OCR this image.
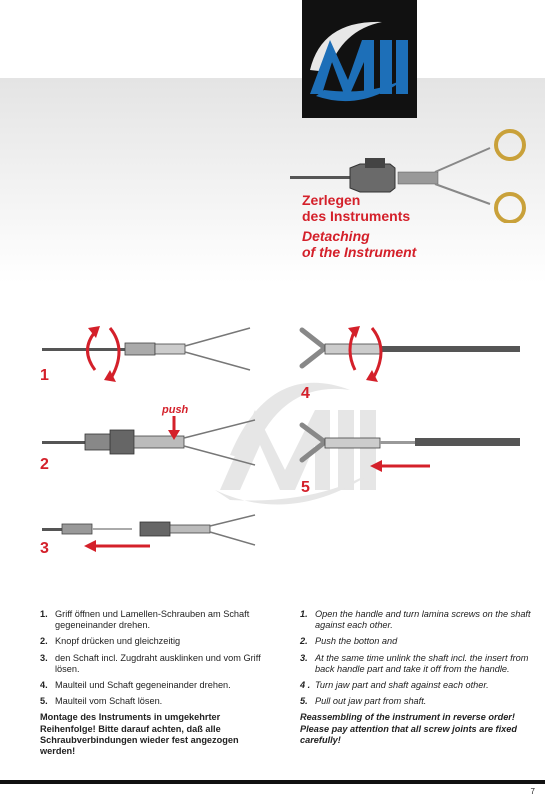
Zerlegen

des Instruments

Detaching

of the Instrument

1
2
3
4
5
push
1. Griff öffnen und Lamellen-Schrauben am Schaft gegeneinander drehen.
2. Knopf drücken und gleichzeitig
3. den Schaft incl. Zugdraht ausklinken und vom Griff lösen.
4. Maulteil und Schaft gegeneinander drehen.
5. Maulteil vom Schaft lösen.
Montage des Instruments in umgekehrter Reihenfolge! Bitte darauf achten, daß alle Schraubverbindungen wieder fest angezogen werden!
1. Open the handle and turn lamina screws on the shaft against each other.
2. Push the botton and
3. At the same time unlink the shaft incl. the insert from back handle part and take it off from the handle.
4 . Turn jaw part and shaft against each other.
5. Pull out jaw part from shaft.
Reassembling of the instrument in reverse order! Please pay attention that all screw joints are fixed carefully!
7
